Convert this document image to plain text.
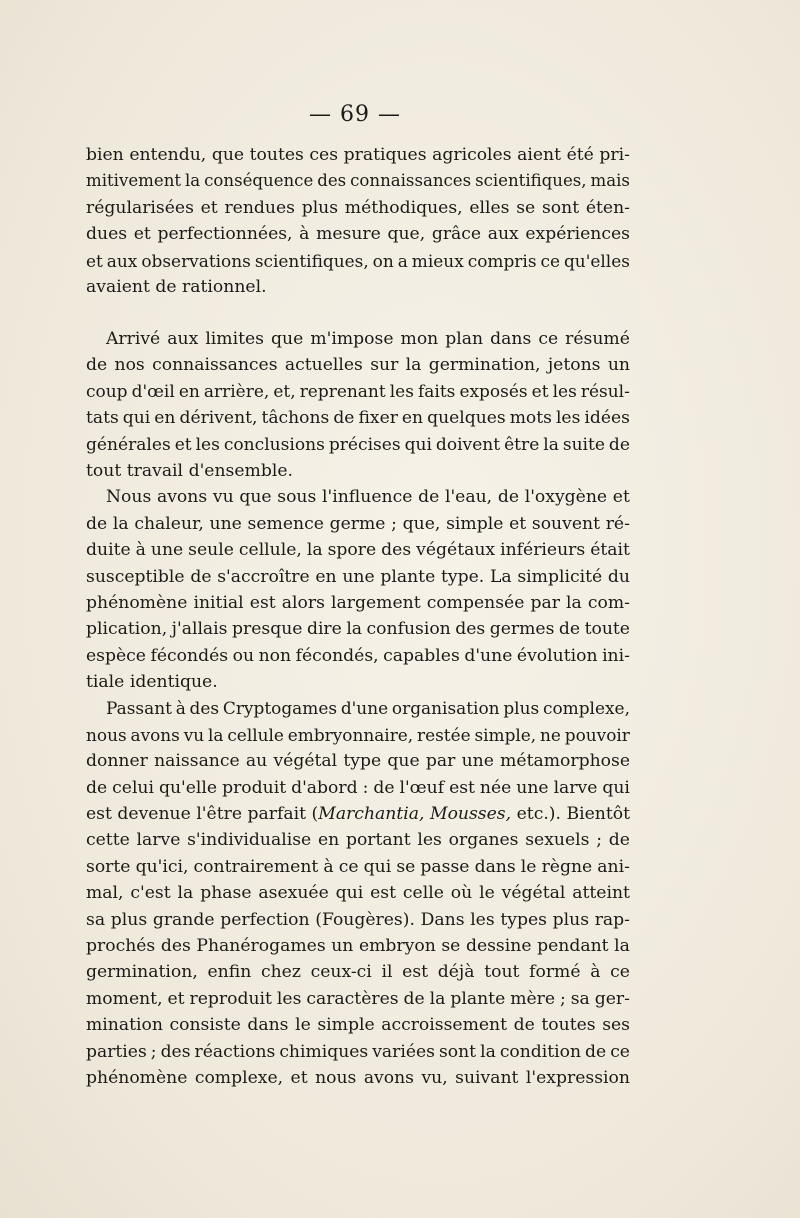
— 69 —
bien entendu, que toutes ces pratiques agricoles aient été pri-
mitivement la conséquence des connaissances scientifiques, mais
régularisées et rendues plus méthodiques, elles se sont éten-
dues et perfectionnées, à mesure que, grâce aux expériences
et aux observations scientifiques, on a mieux compris ce qu'elles
avaient de rationnel.
Arrivé aux limites que m'impose mon plan dans ce résumé
de nos connaissances actuelles sur la germination, jetons un
coup d'œil en arrière, et, reprenant les faits exposés et les résul-
tats qui en dérivent, tâchons de fixer en quelques mots les idées
générales et les conclusions précises qui doivent être la suite de
tout travail d'ensemble.
Nous avons vu que sous l'influence de l'eau, de l'oxygène et
de la chaleur, une semence germe ; que, simple et souvent ré-
duite à une seule cellule, la spore des végétaux inférieurs était
susceptible de s'accroître en une plante type. La simplicité du
phénomène initial est alors largement compensée par la com-
plication, j'allais presque dire la confusion des germes de toute
espèce fécondés ou non fécondés, capables d'une évolution ini-
tiale identique.
Passant à des Cryptogames d'une organisation plus complexe,
nous avons vu la cellule embryonnaire, restée simple, ne pouvoir
donner naissance au végétal type que par une métamorphose
de celui qu'elle produit d'abord : de l'œuf est née une larve qui
est devenue l'être parfait (Marchantia, Mousses, etc.). Bientôt
cette larve s'individualise en portant les organes sexuels ; de
sorte qu'ici, contrairement à ce qui se passe dans le règne ani-
mal, c'est la phase asexuée qui est celle où le végétal atteint
sa plus grande perfection (Fougères). Dans les types plus rap-
prochés des Phanérogames un embryon se dessine pendant la
germination, enfin chez ceux-ci il est déjà tout formé à ce
moment, et reproduit les caractères de la plante mère ; sa ger-
mination consiste dans le simple accroissement de toutes ses
parties ; des réactions chimiques variées sont la condition de ce
phénomène complexe, et nous avons vu, suivant l'expression
